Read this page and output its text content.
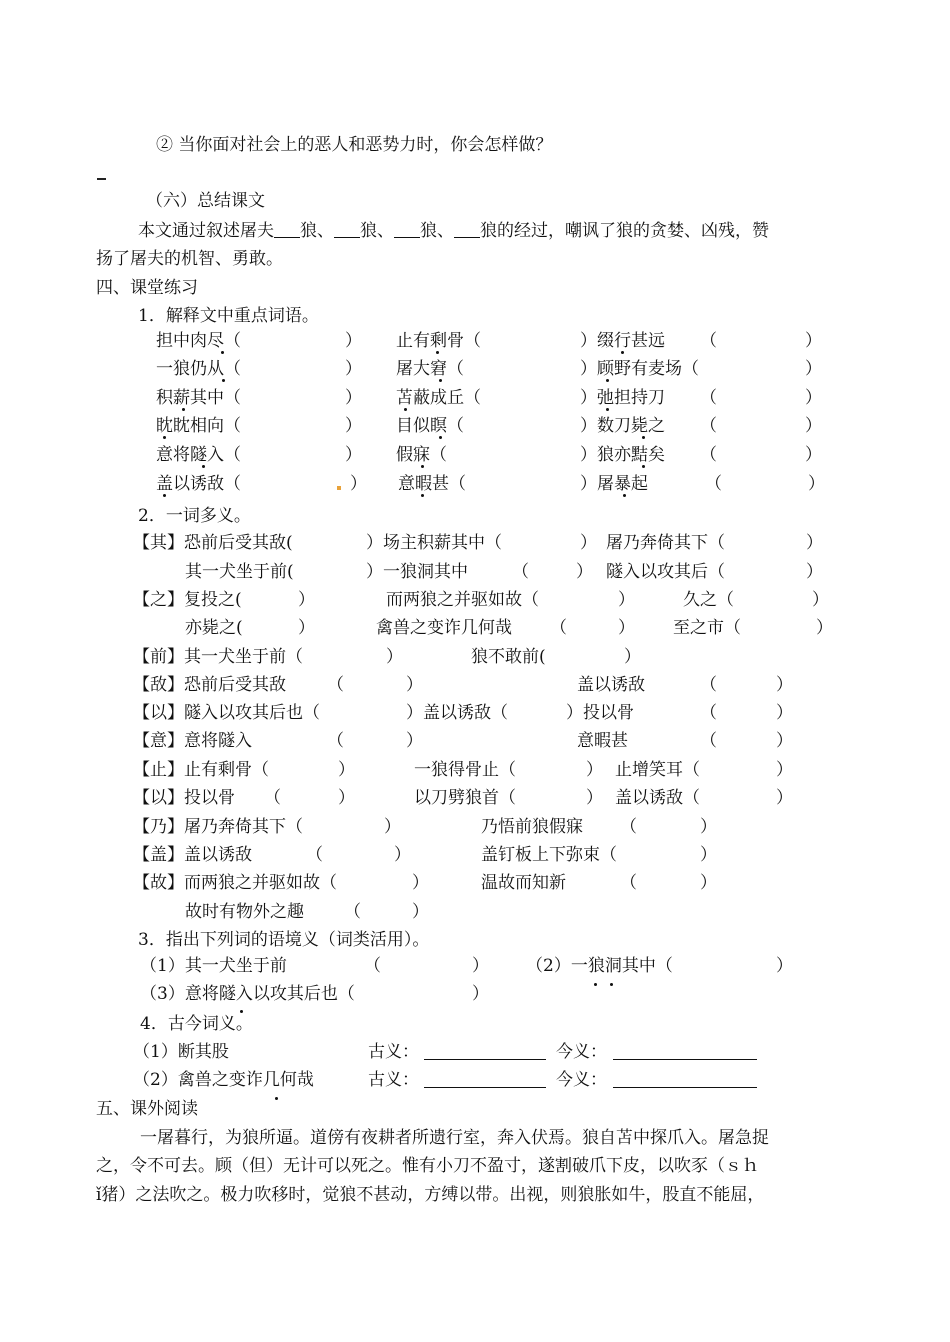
② 当你面对社会上的恶人和恶势力时，你会怎样做？
（六）总结课文
本文通过叙述屠夫 狼、 狼、 狼、 狼的经过，嘲讽了狼的贪婪、凶残，赞
扬了屠夫的机智、勇敢。
四、课堂练习
1．解释文中重点词语。
担中肉尽（	） 止有剩骨（	）缀行甚远 （	）
一狼仍从（	） 屠大窘（	）顾野有麦场（	）
积薪其中（	） 苫蔽成丘（	）弛担持刀 （	）
眈眈相向（	） 目似瞑（	）数刀毙之 （	）
意将隧入（	） 假寐（	）狼亦黠矣 （	）
盖以诱敌（	） 意暇甚（	）屠暴起	（	）
2．一词多义。
【其】恐前后受其敌(	）场主积薪其中（	） 屠乃奔倚其下（	）
其一犬坐于前(	）一狼洞其中	（	） 隧入以攻其后（	）
【之】复投之(	）	而两狼之并驱如故（	）	久之（	）
亦毙之(	）	禽兽之变诈几何哉 （	） 至之市（	）
【前】其一犬坐于前（	）	狼不敢前(	）
【敌】恐前后受其敌 （	）	盖以诱敌	（	）
【以】隧入以攻其后也（	）盖以诱敌（	）投以骨	（	）
【意】意将隧入	（	）	意暇甚	（	）
【止】止有剩骨（	）	一狼得骨止（	） 止增笑耳（	）
【以】投以骨 （	）	以刀劈狼首（	） 盖以诱敌（	）
【乃】屠乃奔倚其下（	）	乃悟前狼假寐 （	）
【盖】盖以诱敌	（	）	盖钉板上下弥束（	）
【故】而两狼之并驱如故（	）	温故而知新	（	）
故时有物外之趣 （	）
3．指出下列词的语境义（词类活用）。
（1）其一犬坐于前	（	） （2）一狼洞其中（	）
（3）意将隧入以攻其后也（	）
4．古今词义。
（1）断其股	古义：	今义：
（2）禽兽之变诈几何哉	古义：	今义：
五、课外阅读
一屠暮行，为狼所逼。道傍有夜耕者所遗行室，奔入伏焉。狼自苫中探爪入。屠急捉
之，令不可去。顾（但）无计可以死之。惟有小刀不盈寸，遂割破爪下皮，以吹豕（ｓｈ
ǐ猪）之法吹之。极力吹移时，觉狼不甚动，方缚以带。出视，则狼胀如牛，股直不能屈，
